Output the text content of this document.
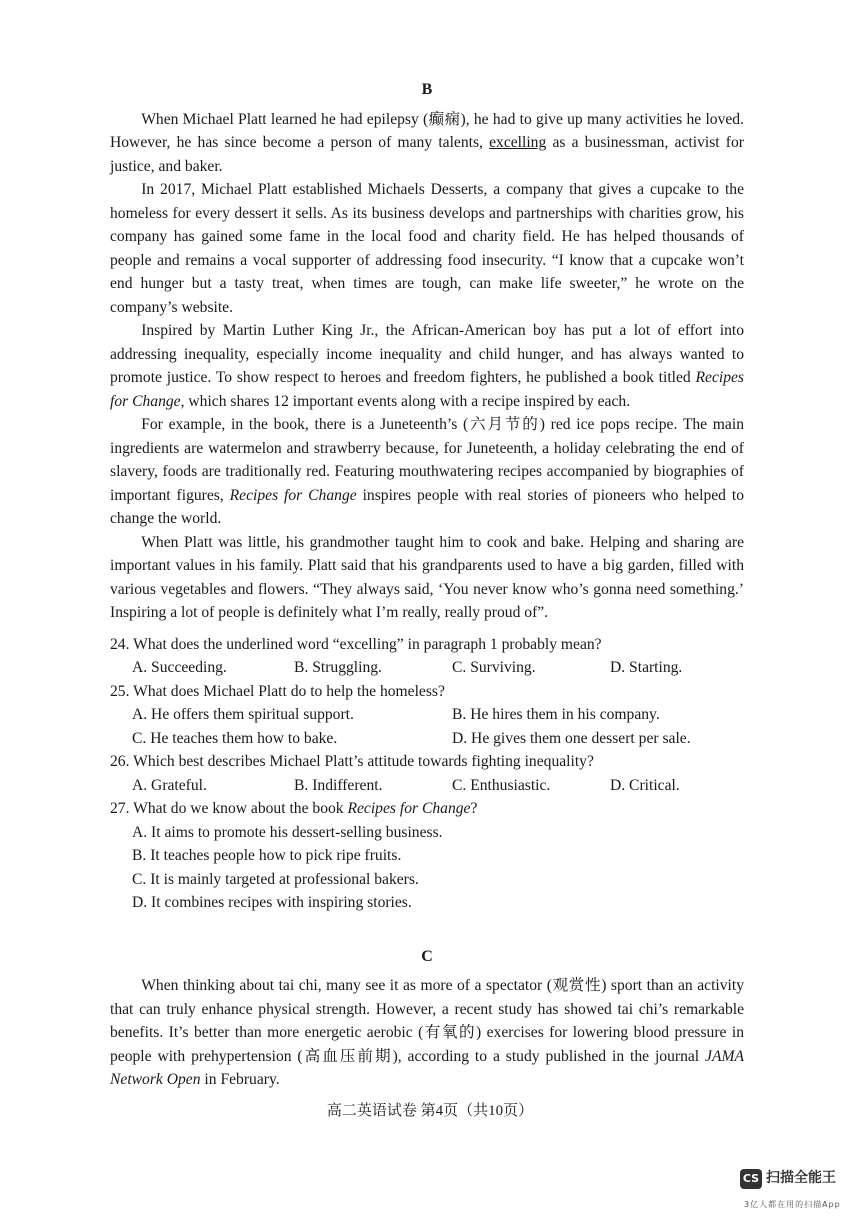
B

When Michael Platt learned he had epilepsy (癫痫), he had to give up many activities he loved. However, he has since become a person of many talents, excelling as a businessman, activist for justice, and baker.

In 2017, Michael Platt established Michaels Desserts, a company that gives a cupcake to the homeless for every dessert it sells. As its business develops and partnerships with charities grow, his company has gained some fame in the local food and charity field. He has helped thousands of people and remains a vocal supporter of addressing food insecurity. “I know that a cupcake won’t end hunger but a tasty treat, when times are tough, can make life sweeter,” he wrote on the company’s website.

Inspired by Martin Luther King Jr., the African-American boy has put a lot of effort into addressing inequality, especially income inequality and child hunger, and has always wanted to promote justice. To show respect to heroes and freedom fighters, he published a book titled Recipes for Change, which shares 12 important events along with a recipe inspired by each.

For example, in the book, there is a Juneteenth’s (六月节的) red ice pops recipe. The main ingredients are watermelon and strawberry because, for Juneteenth, a holiday celebrating the end of slavery, foods are traditionally red. Featuring mouthwatering recipes accompanied by biographies of important figures, Recipes for Change inspires people with real stories of pioneers who helped to change the world.

When Platt was little, his grandmother taught him to cook and bake. Helping and sharing are important values in his family. Platt said that his grandparents used to have a big garden, filled with various vegetables and flowers. “They always said, ‘You never know who’s gonna need something.’ Inspiring a lot of people is definitely what I’m really, really proud of”.

24. What does the underlined word “excelling” in paragraph 1 probably mean?

A. Succeeding.	B. Struggling.	C. Surviving.	D. Starting.

25. What does Michael Platt do to help the homeless?

A. He offers them spiritual support.	B. He hires them in his company.
C. He teaches them how to bake.	D. He gives them one dessert per sale.

26. Which best describes Michael Platt’s attitude towards fighting inequality?

A. Grateful.	B. Indifferent.	C. Enthusiastic.	D. Critical.

27. What do we know about the book Recipes for Change?

A. It aims to promote his dessert-selling business.

B. It teaches people how to pick ripe fruits.

C. It is mainly targeted at professional bakers.

D. It combines recipes with inspiring stories.

C

When thinking about tai chi, many see it as more of a spectator (观赏性) sport than an activity that can truly enhance physical strength. However, a recent study has showed tai chi’s remarkable benefits. It’s better than more energetic aerobic (有氧的) exercises for lowering blood pressure in people with prehypertension (高血压前期), according to a study published in the journal JAMA Network Open in February.

高二英语试卷 第4页（共10页）
CS 扫描全能王
3亿人都在用的扫描App
